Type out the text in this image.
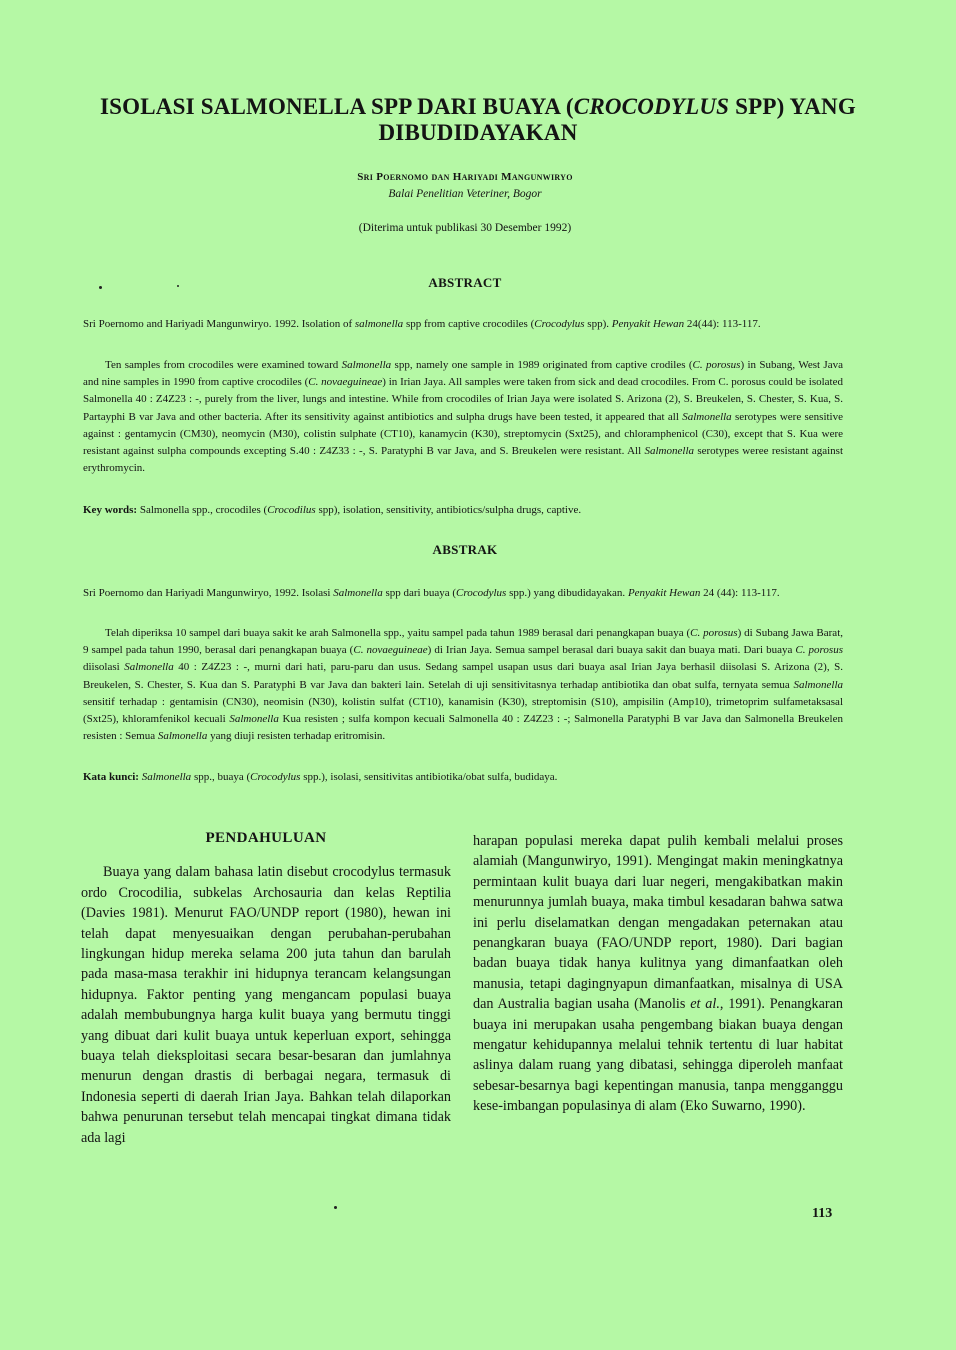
ISOLASI SALMONELLA SPP DARI BUAYA (CROCODYLUS SPP) YANG
DIBUDIDAYAKAN
Sri Poernomo dan Hariyadi Mangunwiryo
Balai Penelitian Veteriner, Bogor
(Diterima untuk publikasi 30 Desember 1992)
ABSTRACT

Sri Poernomo and Hariyadi Mangunwiryo. 1992. Isolation of salmonella spp from captive crocodiles (Crocodylus spp). Penyakit Hewan 24(44): 113-117.

Ten samples from crocodiles were examined toward Salmonella spp, namely one sample in 1989 originated from captive crodiles (C. porosus) in Subang, West Java and nine samples in 1990 from captive crocodiles (C. novaeguineae) in Irian Jaya. All samples were taken from sick and dead crocodiles. From C. porosus could be isolated Salmonella 40 : Z4Z23 : -, purely from the liver, lungs and intestine. While from crocodiles of Irian Jaya were isolated S. Arizona (2), S. Breukelen, S. Chester, S. Kua, S. Partayphi B var Java and other bacteria. After its sensitivity against antibiotics and sulpha drugs have been tested, it appeared that all Salmonella serotypes were sensitive against : gentamycin (CM30), neomycin (M30), colistin sulphate (CT10), kanamycin (K30), streptomycin (Sxt25), and chloramphenicol (C30), except that S. Kua were resistant against sulpha compounds excepting S.40 : Z4Z33 : -, S. Paratyphi B var Java, and S. Breukelen were resistant. All Salmonella serotypes weree resistant against erythromycin.

Key words: Salmonella spp., crocodiles (Crocodilus spp), isolation, sensitivity, antibiotics/sulpha drugs, captive.

ABSTRAK

Sri Poernomo dan Hariyadi Mangunwiryo, 1992. Isolasi Salmonella spp dari buaya (Crocodylus spp.) yang dibudidayakan. Penyakit Hewan 24 (44): 113-117.

Telah diperiksa 10 sampel dari buaya sakit ke arah Salmonella spp., yaitu sampel pada tahun 1989 berasal dari penangkapan buaya (C. porosus) di Subang Jawa Barat, 9 sampel pada tahun 1990, berasal dari penangkapan buaya (C. novaeguineae) di Irian Jaya. Semua sampel berasal dari buaya sakit dan buaya mati. Dari buaya C. porosus diisolasi Salmonella 40 : Z4Z23 : -, murni dari hati, paru-paru dan usus. Sedang sampel usapan usus dari buaya asal Irian Jaya berhasil diisolasi S. Arizona (2), S. Breukelen, S. Chester, S. Kua dan S. Paratyphi B var Java dan bakteri lain. Setelah di uji sensitivitasnya terhadap antibiotika dan obat sulfa, ternyata semua Salmonella sensitif terhadap : gentamisin (CN30), neomisin (N30), kolistin sulfat (CT10), kanamisin (K30), streptomisin (S10), ampisilin (Amp10), trimetoprim sulfametaksasal (Sxt25), khloramfenikol kecuali Salmonella Kua resisten ; sulfa kompon kecuali Salmonella 40 : Z4Z23 : -; Salmonella Paratyphi B var Java dan Salmonella Breukelen resisten : Semua Salmonella yang diuji resisten terhadap eritromisin.

Kata kunci: Salmonella spp., buaya (Crocodylus spp.), isolasi, sensitivitas antibiotika/obat sulfa, budidaya.

PENDAHULUAN

Buaya yang dalam bahasa latin disebut crocodylus termasuk ordo Crocodilia, subkelas Archosauria dan kelas Reptilia (Davies 1981). Menurut FAO/UNDP report (1980), hewan ini telah dapat menyesuaikan dengan perubahan-perubahan lingkungan hidup mereka selama 200 juta tahun dan barulah pada masa-masa terakhir ini hidupnya terancam kelangsungan hidupnya. Faktor penting yang mengancam populasi buaya adalah membubungnya harga kulit buaya yang bermutu tinggi yang dibuat dari kulit buaya untuk keperluan export, sehingga buaya telah dieksploitasi secara besar-besaran dan jumlahnya menurun dengan drastis di berbagai negara, termasuk di Indonesia seperti di daerah Irian Jaya. Bahkan telah dilaporkan bahwa penurunan tersebut telah mencapai tingkat dimana tidak ada lagi

harapan populasi mereka dapat pulih kembali melalui proses alamiah (Mangunwiryo, 1991). Mengingat makin meningkatnya permintaan kulit buaya dari luar negeri, mengakibatkan makin menurunnya jumlah buaya, maka timbul kesadaran bahwa satwa ini perlu diselamatkan dengan mengadakan peternakan atau penangkaran buaya (FAO/UNDP report, 1980). Dari bagian badan buaya tidak hanya kulitnya yang dimanfaatkan oleh manusia, tetapi dagingnyapun dimanfaatkan, misalnya di USA dan Australia bagian usaha (Manolis et al., 1991). Penangkaran buaya ini merupakan usaha pengembang biakan buaya dengan mengatur kehidupannya melalui tehnik tertentu di luar habitat aslinya dalam ruang yang dibatasi, sehingga diperoleh manfaat sebesar-besarnya bagi kepentingan manusia, tanpa mengganggu kese-imbangan populasinya di alam (Eko Suwarno, 1990).

113
